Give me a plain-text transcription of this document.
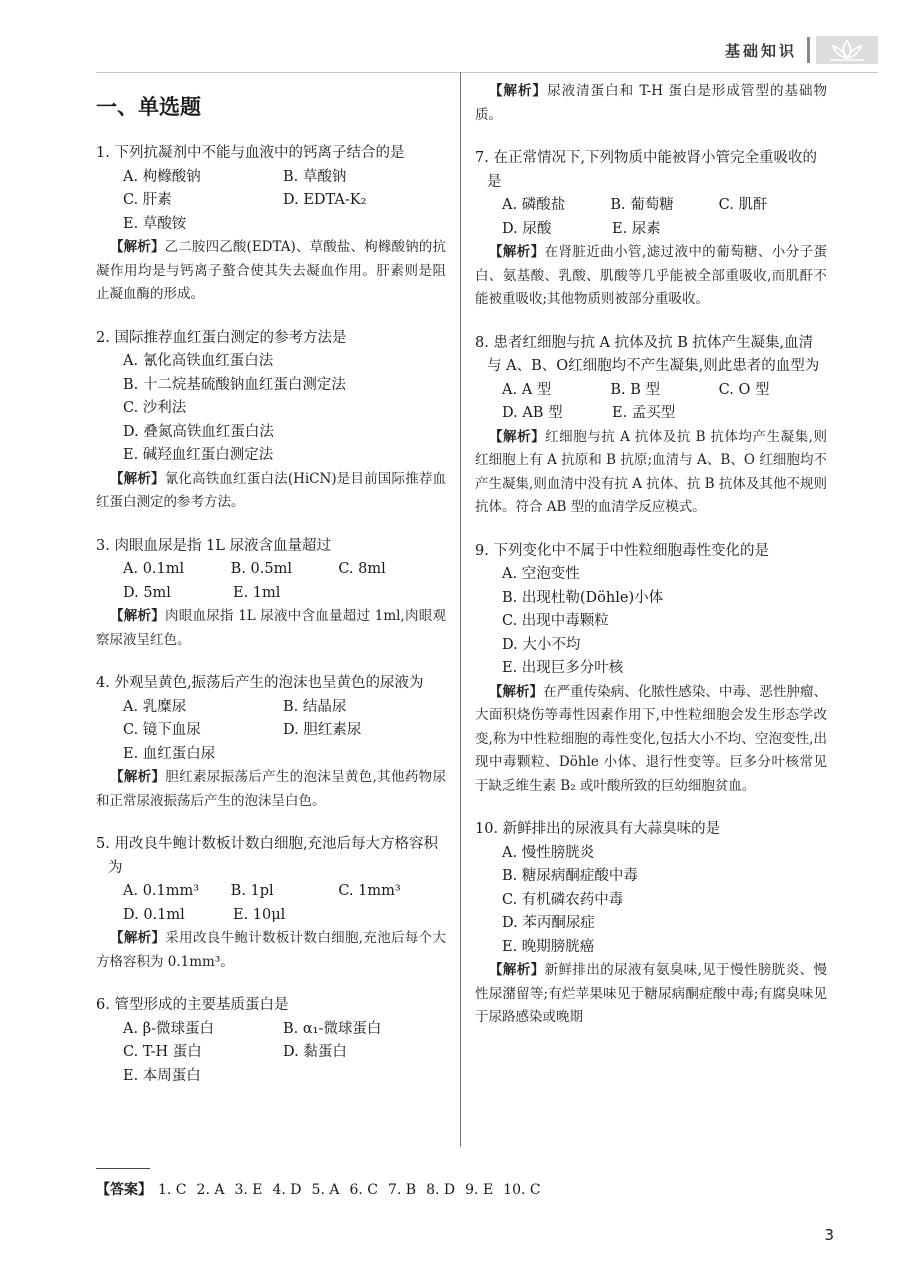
基础知识
一、单选题
1. 下列抗凝剂中不能与血液中的钙离子结合的是
A. 枸橼酸钠	B. 草酸钠
C. 肝素	D. EDTA-K₂
E. 草酸铵
【解析】乙二胺四乙酸(EDTA)、草酸盐、枸橼酸钠的抗凝作用均是与钙离子螯合使其失去凝血作用。肝素则是阻止凝血酶的形成。
2. 国际推荐血红蛋白测定的参考方法是
A. 氰化高铁血红蛋白法
B. 十二烷基硫酸钠血红蛋白测定法
C. 沙利法
D. 叠氮高铁血红蛋白法
E. 碱羟血红蛋白测定法
【解析】氰化高铁血红蛋白法(HiCN)是目前国际推荐血红蛋白测定的参考方法。
3. 肉眼血尿是指 1L 尿液含血量超过
A. 0.1ml	B. 0.5ml	C. 8ml
D. 5ml	E. 1ml
【解析】肉眼血尿指 1L 尿液中含血量超过 1ml,肉眼观察尿液呈红色。
4. 外观呈黄色,振荡后产生的泡沫也呈黄色的尿液为
A. 乳糜尿	B. 结晶尿
C. 镜下血尿	D. 胆红素尿
E. 血红蛋白尿
【解析】胆红素尿振荡后产生的泡沫呈黄色,其他药物尿和正常尿液振荡后产生的泡沫呈白色。
5. 用改良牛鲍计数板计数白细胞,充池后每大方格容积为
A. 0.1mm³	B. 1pl	C. 1mm³
D. 0.1ml	E. 10μl
【解析】采用改良牛鲍计数板计数白细胞,充池后每个大方格容积为 0.1mm³。
6. 管型形成的主要基质蛋白是
A. β-微球蛋白	B. α₁-微球蛋白
C. T-H 蛋白	D. 黏蛋白
E. 本周蛋白
【解析】尿液清蛋白和 T-H 蛋白是形成管型的基础物质。
7. 在正常情况下,下列物质中能被肾小管完全重吸收的是
A. 磷酸盐	B. 葡萄糖	C. 肌酐
D. 尿酸	E. 尿素
【解析】在肾脏近曲小管,滤过液中的葡萄糖、小分子蛋白、氨基酸、乳酸、肌酸等几乎能被全部重吸收,而肌酐不能被重吸收;其他物质则被部分重吸收。
8. 患者红细胞与抗 A 抗体及抗 B 抗体产生凝集,血清与 A、B、O红细胞均不产生凝集,则此患者的血型为
A. A 型	B. B 型	C. O 型
D. AB 型	E. 孟买型
【解析】红细胞与抗 A 抗体及抗 B 抗体均产生凝集,则红细胞上有 A 抗原和 B 抗原;血清与 A、B、O 红细胞均不产生凝集,则血清中没有抗 A 抗体、抗 B 抗体及其他不规则抗体。符合 AB 型的血清学反应模式。
9. 下列变化中不属于中性粒细胞毒性变化的是
A. 空泡变性
B. 出现杜勒(Döhle)小体
C. 出现中毒颗粒
D. 大小不均
E. 出现巨多分叶核
【解析】在严重传染病、化脓性感染、中毒、恶性肿瘤、大面积烧伤等毒性因素作用下,中性粒细胞会发生形态学改变,称为中性粒细胞的毒性变化,包括大小不均、空泡变性,出现中毒颗粒、Döhle 小体、退行性变等。巨多分叶核常见于缺乏维生素 B₂ 或叶酸所致的巨幼细胞贫血。
10. 新鲜排出的尿液具有大蒜臭味的是
A. 慢性膀胱炎
B. 糖尿病酮症酸中毒
C. 有机磷农药中毒
D. 苯丙酮尿症
E. 晚期膀胱癌
【解析】新鲜排出的尿液有氨臭味,见于慢性膀胱炎、慢性尿潴留等;有烂苹果味见于糖尿病酮症酸中毒;有腐臭味见于尿路感染或晚期
【答案】 1. C 2. A 3. E 4. D 5. A 6. C 7. B 8. D 9. E 10. C
3
